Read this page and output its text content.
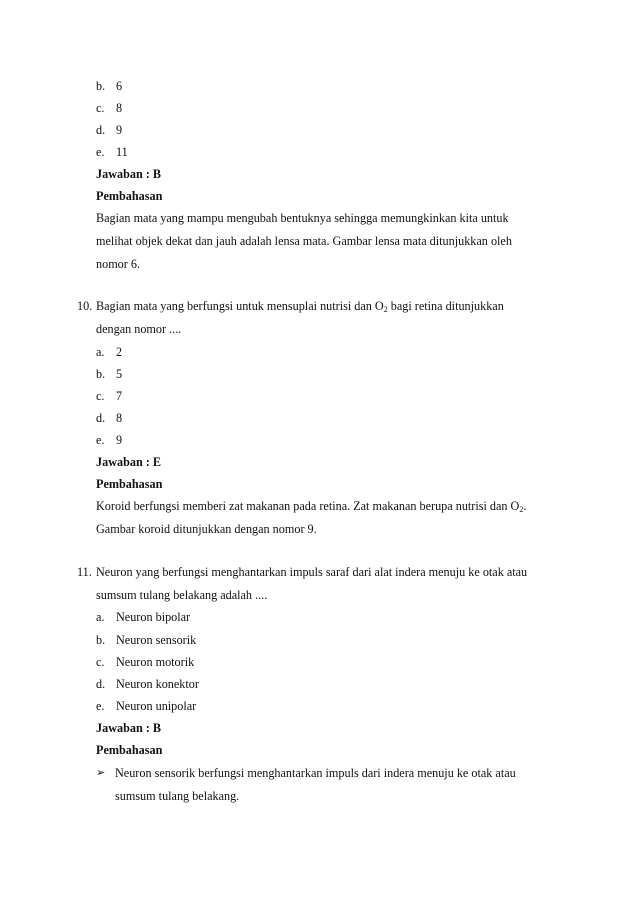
b. 6
c. 8
d. 9
e. 11
Jawaban : B
Pembahasan
Bagian mata yang mampu mengubah bentuknya sehingga memungkinkan kita untuk
melihat objek dekat dan jauh adalah lensa mata. Gambar lensa mata ditunjukkan oleh
nomor 6.
10. Bagian mata yang berfungsi untuk mensuplai nutrisi dan $O_2$ bagi retina ditunjukkan
dengan nomor ....
a. 2
b. 5
c. 7
d. 8
e. 9
Jawaban : E
Pembahasan
Koroid berfungsi memberi zat makanan pada retina. Zat makanan berupa nutrisi dan $O_2$.
Gambar koroid ditunjukkan dengan nomor 9.
11. Neuron yang berfungsi menghantarkan impuls saraf dari alat indera menuju ke otak atau
sumsum tulang belakang adalah ....
a. Neuron bipolar
b. Neuron sensorik
c. Neuron motorik
d. Neuron konektor
e. Neuron unipolar
Jawaban : B
Pembahasan
➢ Neuron sensorik berfungsi menghantarkan impuls dari indera menuju ke otak atau
sumsum tulang belakang.
